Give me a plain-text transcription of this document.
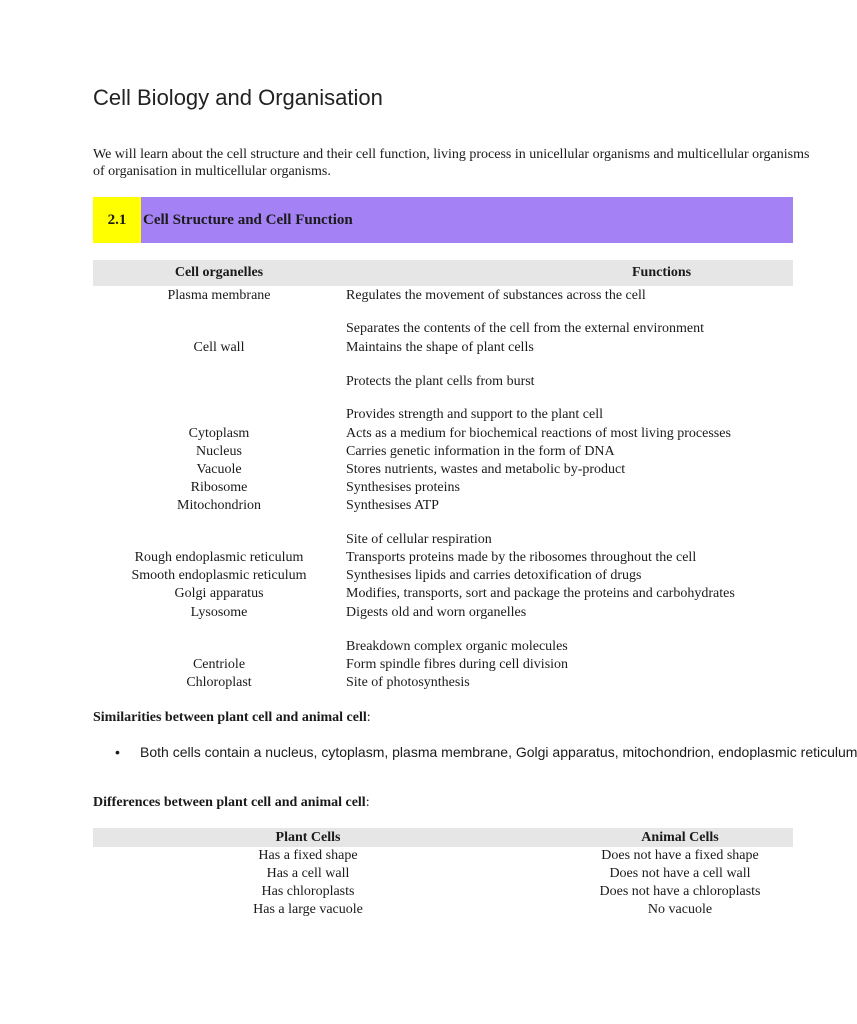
Cell Biology and Organisation
We will learn about the cell structure and their cell function, living process in unicellular organisms and multicellular organisms
of organisation in multicellular organisms.
2.1	Cell Structure and Cell Function
Cell organelles	Functions
Plasma membrane	Regulates the movement of substances across the cell
Separates the contents of the cell from the external environment
Cell wall	Maintains the shape of plant cells
Protects the plant cells from burst
Provides strength and support to the plant cell
Cytoplasm	Acts as a medium for biochemical reactions of most living processes
Nucleus	Carries genetic information in the form of DNA
Vacuole	Stores nutrients, wastes and metabolic by-product
Ribosome	Synthesises proteins
Mitochondrion	Synthesises ATP
Site of cellular respiration
Rough endoplasmic reticulum	Transports proteins made by the ribosomes throughout the cell
Smooth endoplasmic reticulum	Synthesises lipids and carries detoxification of drugs
Golgi apparatus	Modifies, transports, sort and package the proteins and carbohydrates
Lysosome	Digests old and worn organelles
Breakdown complex organic molecules
Centriole	Form spindle fibres during cell division
Chloroplast	Site of photosynthesis
Similarities between plant cell and animal cell:
• Both cells contain a nucleus, cytoplasm, plasma membrane, Golgi apparatus, mitochondrion, endoplasmic reticulum
Differences between plant cell and animal cell:
Plant Cells	Animal Cells
Has a fixed shape	Does not have a fixed shape
Has a cell wall	Does not have a cell wall
Has chloroplasts	Does not have a chloroplasts
Has a large vacuole	No vacuole
